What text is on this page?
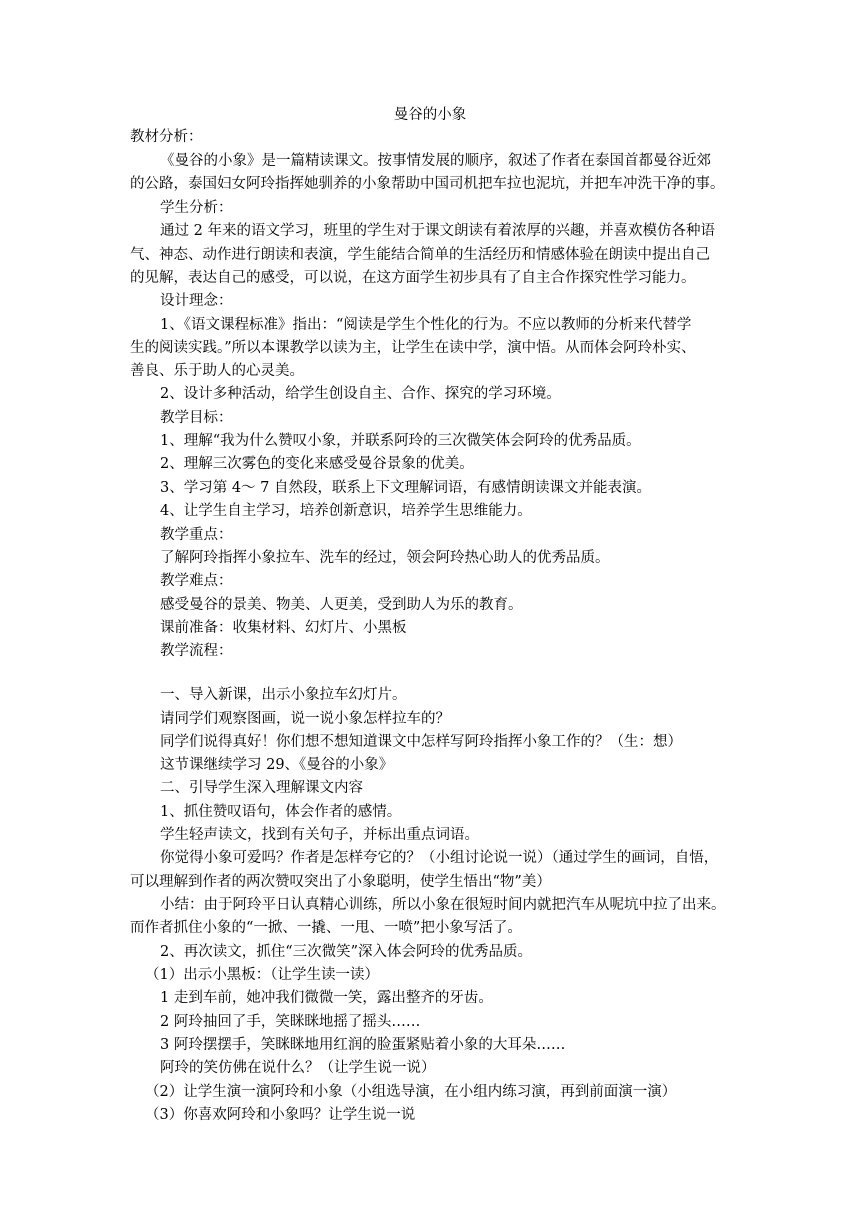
曼谷的小象
教材分析：
《曼谷的小象》是一篇精读课文。按事情发展的顺序，叙述了作者在泰国首都曼谷近郊
的公路，泰国妇女阿玲指挥她驯养的小象帮助中国司机把车拉也泥坑，并把车冲洗干净的事。
学生分析：
通过 2 年来的语文学习，班里的学生对于课文朗读有着浓厚的兴趣，并喜欢模仿各种语
气、神态、动作进行朗读和表演，学生能结合简单的生活经历和情感体验在朗读中提出自己
的见解，表达自己的感受，可以说，在这方面学生初步具有了自主合作探究性学习能力。
设计理念：
1、《语文课程标准》指出：“阅读是学生个性化的行为。不应以教师的分析来代替学
生的阅读实践。”所以本课教学以读为主，让学生在读中学，演中悟。从而体会阿玲朴实、
善良、乐于助人的心灵美。
2、设计多种活动，给学生创设自主、合作、探究的学习环境。
教学目标：
1、理解“我为什么赞叹小象，并联系阿玲的三次微笑体会阿玲的优秀品质。
2、理解三次雾色的变化来感受曼谷景象的优美。
3、学习第 4～ 7 自然段，联系上下文理解词语，有感情朗读课文并能表演。
4、让学生自主学习，培养创新意识，培养学生思维能力。
教学重点：
了解阿玲指挥小象拉车、洗车的经过，领会阿玲热心助人的优秀品质。
教学难点：
感受曼谷的景美、物美、人更美，受到助人为乐的教育。
课前准备：收集材料、幻灯片、小黑板
教学流程：
一、导入新课，出示小象拉车幻灯片。
请同学们观察图画，说一说小象怎样拉车的？
同学们说得真好！你们想不想知道课文中怎样写阿玲指挥小象工作的？（生：想）
这节课继续学习 29、《曼谷的小象》
二、引导学生深入理解课文内容
1、抓住赞叹语句，体会作者的感情。
学生轻声读文，找到有关句子，并标出重点词语。
你觉得小象可爱吗？作者是怎样夸它的？（小组讨论说一说）（通过学生的画词，自悟，
可以理解到作者的两次赞叹突出了小象聪明，使学生悟出“物”美）
小结：由于阿玲平日认真精心训练，所以小象在很短时间内就把汽车从呢坑中拉了出来。
而作者抓住小象的“一掀、一撬、一甩、一喷”把小象写活了。
2、再次读文，抓住“三次微笑”深入体会阿玲的优秀品质。
（1）出示小黑板：（让学生读一读）
1 走到车前，她冲我们微微一笑，露出整齐的牙齿。
2 阿玲抽回了手，笑眯眯地摇了摇头……
3 阿玲摆摆手，笑眯眯地用红润的脸蛋紧贴着小象的大耳朵……
阿玲的笑仿佛在说什么？（让学生说一说）
（2）让学生演一演阿玲和小象（小组选导演，在小组内练习演，再到前面演一演）
（3）你喜欢阿玲和小象吗？让学生说一说
